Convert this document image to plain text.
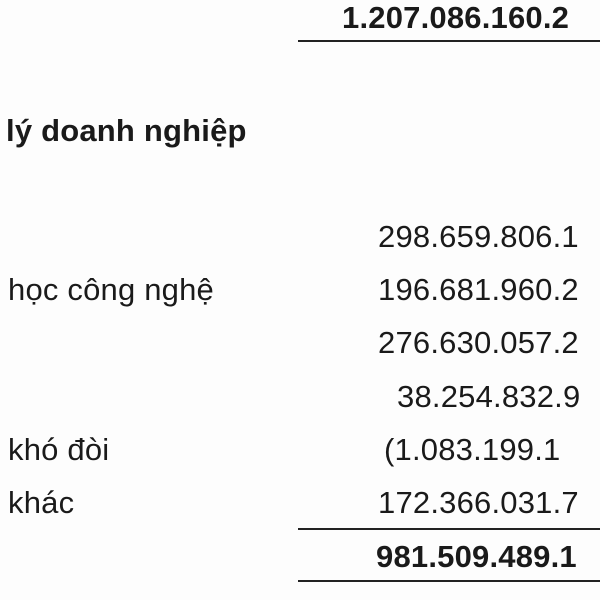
1.207.086.160.2
lý doanh nghiệp
298.659.806.1
học công nghệ	196.681.960.2
276.630.057.2
38.254.832.9
khó đòi	(1.083.199.1
khác	172.366.031.7
981.509.489.1
